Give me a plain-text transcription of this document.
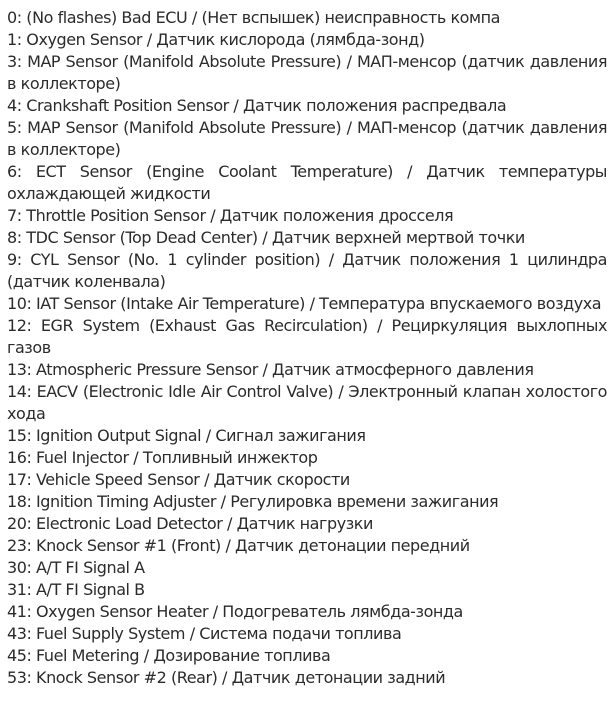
0: (No flashes) Bad ECU / (Нет вспышек) неисправность компа

1: Oxygen Sensor / Датчик кислорода (лямбда-зонд)

3: MAP Sensor (Manifold Absolute Pressure) / МАП-менсор (датчик давления в коллекторе)

4: Crankshaft Position Sensor / Датчик положения распредвала

5: MAP Sensor (Manifold Absolute Pressure) / МАП-менсор (датчик давления в коллекторе)

6: ECT Sensor (Engine Coolant Temperature) / Датчик температуры охлаждающей жидкости

7: Throttle Position Sensor / Датчик положения дросселя

8: TDC Sensor (Top Dead Center) / Датчик верхней мертвой точки

9: CYL Sensor (No. 1 cylinder position) / Датчик положения 1 цилиндра (датчик коленвала)

10: IAT Sensor (Intake Air Temperature) / Температура впускаемого воздуха

12: EGR System (Exhaust Gas Recirculation) / Рециркуляция выхлопных газов

13: Atmospheric Pressure Sensor / Датчик атмосферного давления

14: EACV (Electronic Idle Air Control Valve) / Электронный клапан холостого хода

15: Ignition Output Signal / Сигнал зажигания

16: Fuel Injector / Топливный инжектор

17: Vehicle Speed Sensor / Датчик скорости

18: Ignition Timing Adjuster / Регулировка времени зажигания

20: Electronic Load Detector / Датчик нагрузки

23: Knock Sensor #1 (Front) / Датчик детонации передний

30: A/T FI Signal A

31: A/T FI Signal B

41: Oxygen Sensor Heater / Подогреватель лямбда-зонда

43: Fuel Supply System / Система подачи топлива

45: Fuel Metering / Дозирование топлива

53: Knock Sensor #2 (Rear) / Датчик детонации задний
